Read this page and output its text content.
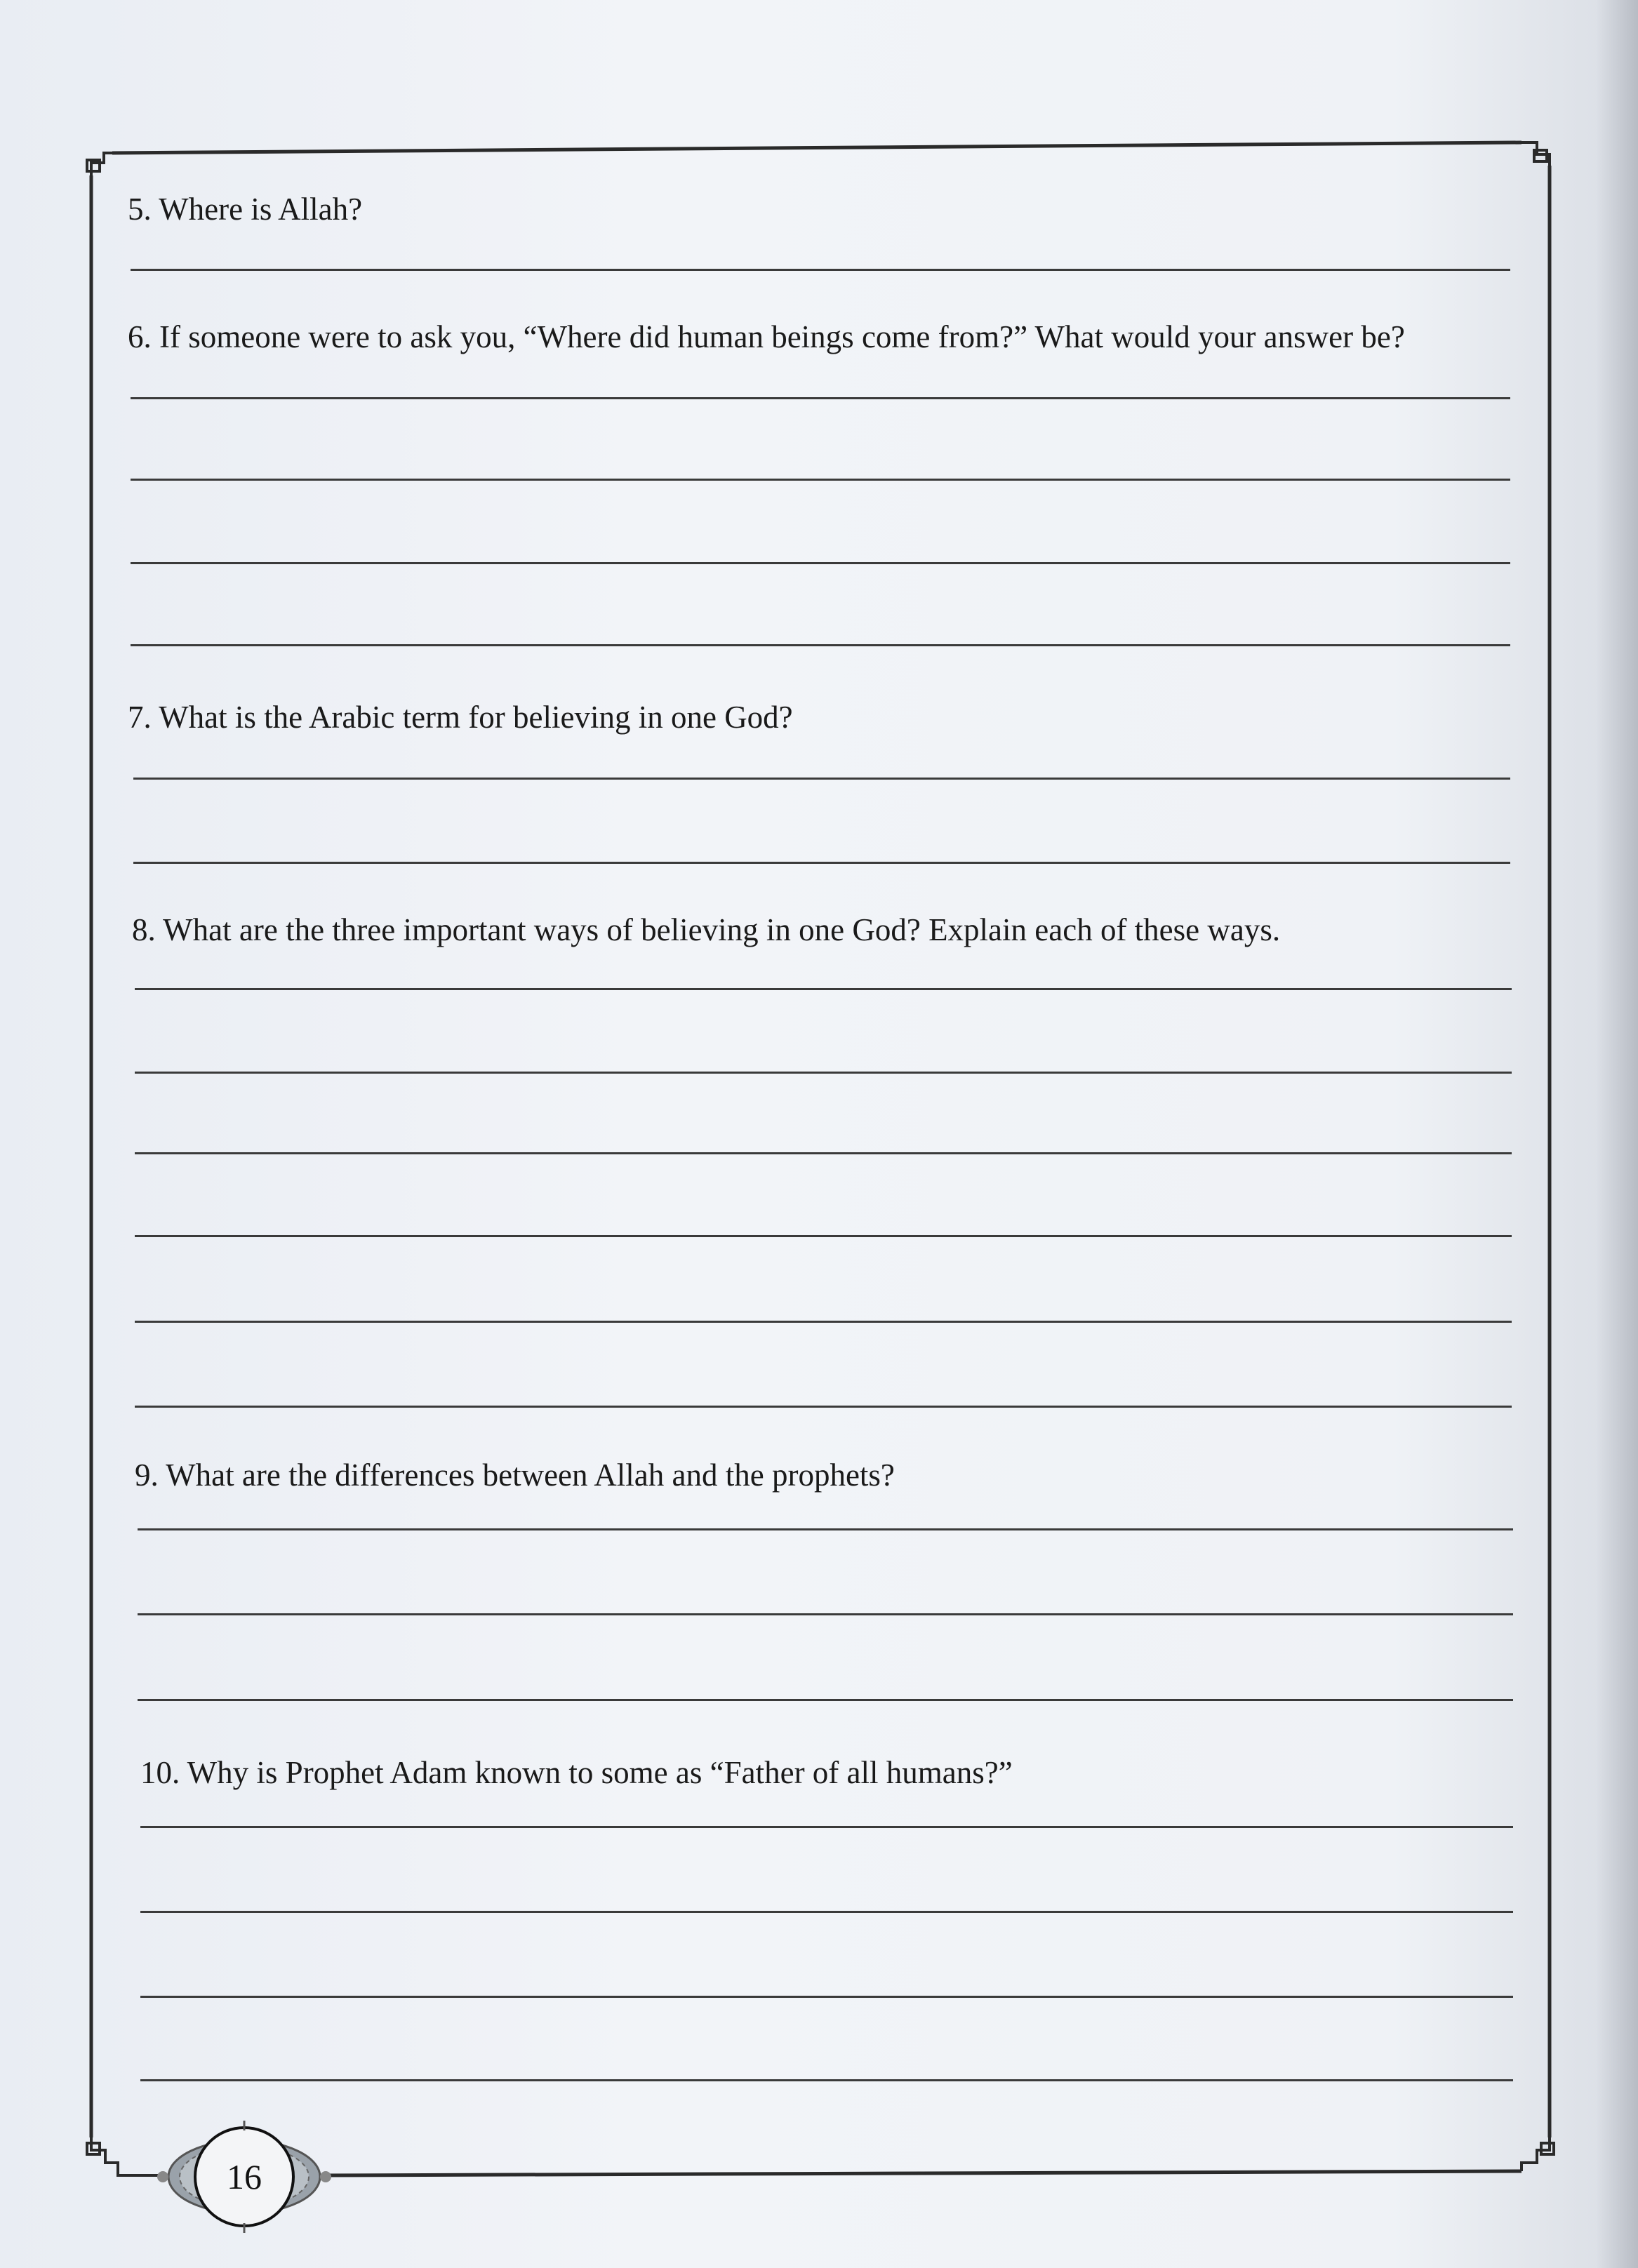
5. Where is Allah?
6. If someone were to ask you, “Where did human beings come from?” What would your answer be?
7. What is the Arabic term for believing in one God?
8. What are the three important ways of believing in one God? Explain each of these ways.
9. What are the differences between Allah and the prophets?
10. Why is Prophet Adam known to some as “Father of all humans?”
16
